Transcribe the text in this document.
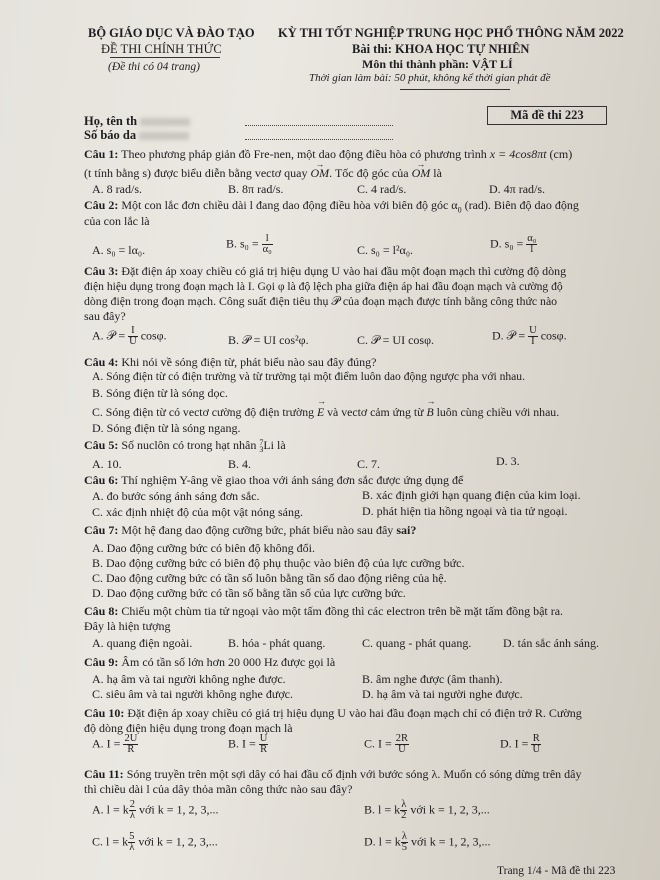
BỘ GIÁO DỤC VÀ ĐÀO TẠO
ĐỀ THI CHÍNH THỨC
(Đề thi có 04 trang)
KỲ THI TỐT NGHIỆP TRUNG HỌC PHỔ THÔNG NĂM 2022
Bài thi: KHOA HỌC TỰ NHIÊN
Môn thi thành phần: VẬT LÍ
Thời gian làm bài: 50 phút, không kể thời gian phát đề
Họ, tên th
Số báo da
Mã đề thi 223
Câu 1: Theo phương pháp giản đồ Fre-nen, một dao động điều hòa có phương trình x = 4cos8πt (cm)
(t tính bằng s) được biểu diễn bằng vectơ quay → OM. Tốc độ góc của → OM là
A. 8 rad/s.	B. 8π rad/s.	C. 4 rad/s.	D. 4π rad/s.
Câu 2: Một con lắc đơn chiều dài l đang dao động điều hòa với biên độ góc $\alpha_0$ (rad). Biên độ dao động
của con lắc là
A. s₀ = lα₀.	B. $s_0 = \frac{l}{\text{α₀}}$	C. s₀ = l²α₀.	D. $s_0 = \frac{\text{α₀}}{l}$
Câu 3: Đặt điện áp xoay chiều có giá trị hiệu dụng U vào hai đầu một đoạn mạch thì cường độ dòng
điện hiệu dụng trong đoạn mạch là I. Gọi φ là độ lệch pha giữa điện áp hai đầu đoạn mạch và cường độ
dòng điện trong đoạn mạch. Công suất điện tiêu thụ 𝒫 của đoạn mạch được tính bằng công thức nào
sau đây?
A. 𝒫 = $\frac{I}{U} \cos\varphi$.	B. 𝒫 = UI cos²φ.	C. 𝒫 = UI cosφ.	D. 𝒫 = $\frac{U}{I} \cos\varphi$.
Câu 4: Khi nói về sóng điện từ, phát biểu nào sau đây đúng?
A. Sóng điện từ có điện trường và từ trường tại một điểm luôn dao động ngược pha với nhau.
B. Sóng điện từ là sóng dọc.
C. Sóng điện từ có vectơ cường độ điện trường → E và vectơ cảm ứng từ → B luôn cùng chiều với nhau.
D. Sóng điện từ là sóng ngang.
Câu 5: Số nuclôn có trong hạt nhân 7
3 Li là
A. 10.	B. 4.	C. 7.	D. 3.
Câu 6: Thí nghiệm Y-âng về giao thoa với ánh sáng đơn sắc được ứng dụng để
A. đo bước sóng ánh sáng đơn sắc.	B. xác định giới hạn quang điện của kim loại.
C. xác định nhiệt độ của một vật nóng sáng.	D. phát hiện tia hồng ngoại và tia tử ngoại.
Câu 7: Một hệ đang dao động cưỡng bức, phát biểu nào sau đây sai?
A. Dao động cưỡng bức có biên độ không đổi.
B. Dao động cưỡng bức có biên độ phụ thuộc vào biên độ của lực cưỡng bức.
C. Dao động cưỡng bức có tần số luôn bằng tần số dao động riêng của hệ.
D. Dao động cưỡng bức có tần số bằng tần số của lực cưỡng bức.
Câu 8: Chiếu một chùm tia tử ngoại vào một tấm đồng thì các electron trên bề mặt tấm đồng bật ra.
Đây là hiện tượng
A. quang điện ngoài.	B. hóa - phát quang.	C. quang - phát quang.	D. tán sắc ánh sáng.
Câu 9: Âm có tần số lớn hơn 20 000 Hz được gọi là
A. hạ âm và tai người không nghe được.	B. âm nghe được (âm thanh).
C. siêu âm và tai người không nghe được.	D. hạ âm và tai người nghe được.
Câu 10: Đặt điện áp xoay chiều có giá trị hiệu dụng U vào hai đầu đoạn mạch chỉ có điện trở R. Cường
độ dòng điện hiệu dụng trong đoạn mạch là
A. $I = \frac{2U}{R}$	B. $I = \frac{U}{R}$	C. $I = \frac{2R}{U}$	D. $I = \frac{R}{U}$
Câu 11: Sóng truyền trên một sợi dây có hai đầu cố định với bước sóng λ. Muốn có sóng dừng trên dây
thì chiều dài l của dây thỏa mãn công thức nào sau đây?
A. l = k $\frac{2}{\lambda}$ với k = 1, 2, 3,...	B. l = k $\frac{\lambda}{2}$ với k = 1, 2, 3,...
C. l = k $\frac{5}{\lambda}$ với k = 1, 2, 3,...	D. l = k $\frac{\lambda}{5}$ với k = 1, 2, 3,...
Trang 1/4 - Mã đề thi 223
